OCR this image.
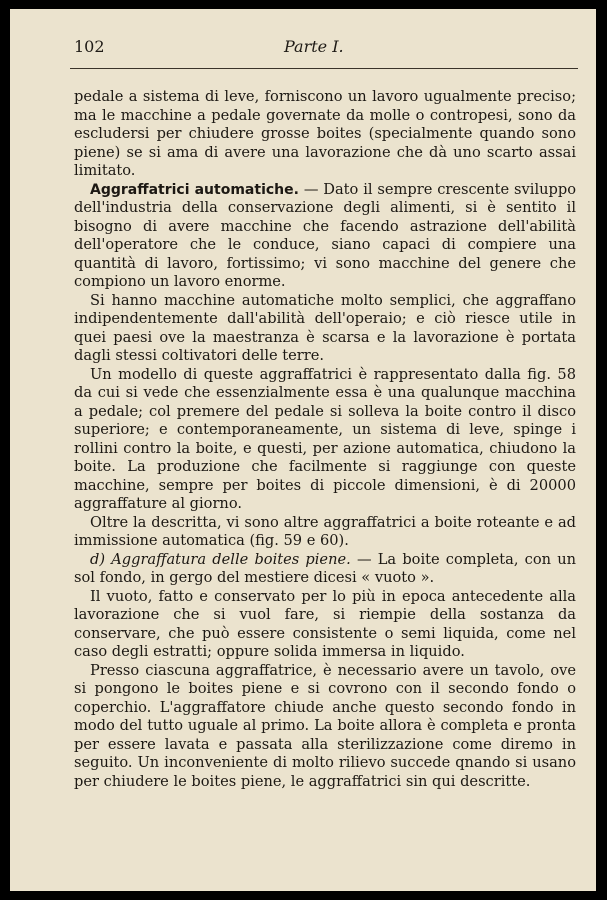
102	Parte I.

pedale a sistema di leve, forniscono un lavoro ugualmente preciso; ma le macchine a pedale governate da molle o contropesi, sono da escludersi per chiudere grosse boites (specialmente quando sono piene) se si ama di avere una lavorazione che dà uno scarto assai limitato.

Aggraffatrici automatiche. — Dato il sempre crescente sviluppo dell'industria della conservazione degli alimenti, si è sentito il bisogno di avere macchine che facendo astrazione dell'abilità dell'operatore che le conduce, siano capaci di compiere una quantità di lavoro, fortissimo; vi sono macchine del genere che compiono un lavoro enorme.

Si hanno macchine automatiche molto semplici, che aggraffano indipendentemente dall'abilità dell'operaio; e ciò riesce utile in quei paesi ove la maestranza è scarsa e la lavorazione è portata dagli stessi coltivatori delle terre.

Un modello di queste aggraffatrici è rappresentato dalla fig. 58 da cui si vede che essenzialmente essa è una qualunque macchina a pedale; col premere del pedale si solleva la boite contro il disco superiore; e contemporaneamente, un sistema di leve, spinge i rollini contro la boite, e questi, per azione automatica, chiudono la boite. La produzione che facilmente si raggiunge con queste macchine, sempre per boites di piccole dimensioni, è di 20000 aggraffature al giorno.

Oltre la descritta, vi sono altre aggraffatrici a boite roteante e ad immissione automatica (fig. 59 e 60).

d) Aggraffatura delle boites piene. — La boite completa, con un sol fondo, in gergo del mestiere dicesi « vuoto ».

Il vuoto, fatto e conservato per lo più in epoca antecedente alla lavorazione che si vuol fare, si riempie della sostanza da conservare, che può essere consistente o semi liquida, come nel caso degli estratti; oppure solida immersa in liquido.

Presso ciascuna aggraffatrice, è necessario avere un tavolo, ove si pongono le boites piene e si covrono con il secondo fondo o coperchio. L'aggraffatore chiude anche questo secondo fondo in modo del tutto uguale al primo. La boite allora è completa e pronta per essere lavata e passata alla sterilizzazione come diremo in seguito. Un inconveniente di molto rilievo succede qnando si usano per chiudere le boites piene, le aggraffatrici sin qui descritte.
